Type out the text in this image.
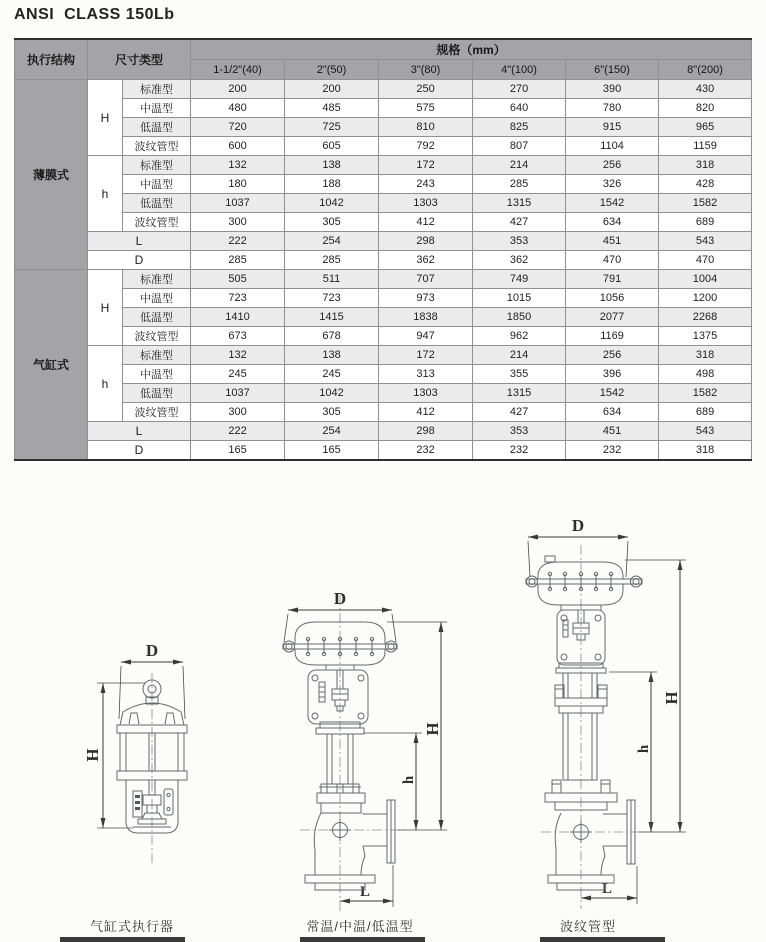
ANSI  CLASS 150Lb
执行结构	尺寸类型		规格（mm）					
			1-1/2"(40)	2"(50)	3"(80)	4"(100)	6"(150)	8"(200)
薄膜式	H	标准型	200	200	250	270	390	430
		中温型	480	485	575	640	780	820
		低温型	720	725	810	825	915	965
		波纹管型	600	605	792	807	1104	1159
	h	标准型	132	138	172	214	256	318
		中温型	180	188	243	285	326	428
		低温型	1037	1042	1303	1315	1542	1582
		波纹管型	300	305	412	427	634	689
	L		222	254	298	353	451	543
	D		285	285	362	362	470	470
气缸式	H	标准型	505	511	707	749	791	1004
		中温型	723	723	973	1015	1056	1200
		低温型	1410	1415	1838	1850	2077	2268
		波纹管型	673	678	947	962	1169	1375
	h	标准型	132	138	172	214	256	318
		中温型	245	245	313	355	396	498
		低温型	1037	1042	1303	1315	1542	1582
		波纹管型	300	305	412	427	634	689
	L		222	254	298	353	451	543
	D		165	165	232	232	232	318
D
H
D
H
h
L
D
H
h
L
气缸式执行器	常温/中温/低温型	波纹管型
